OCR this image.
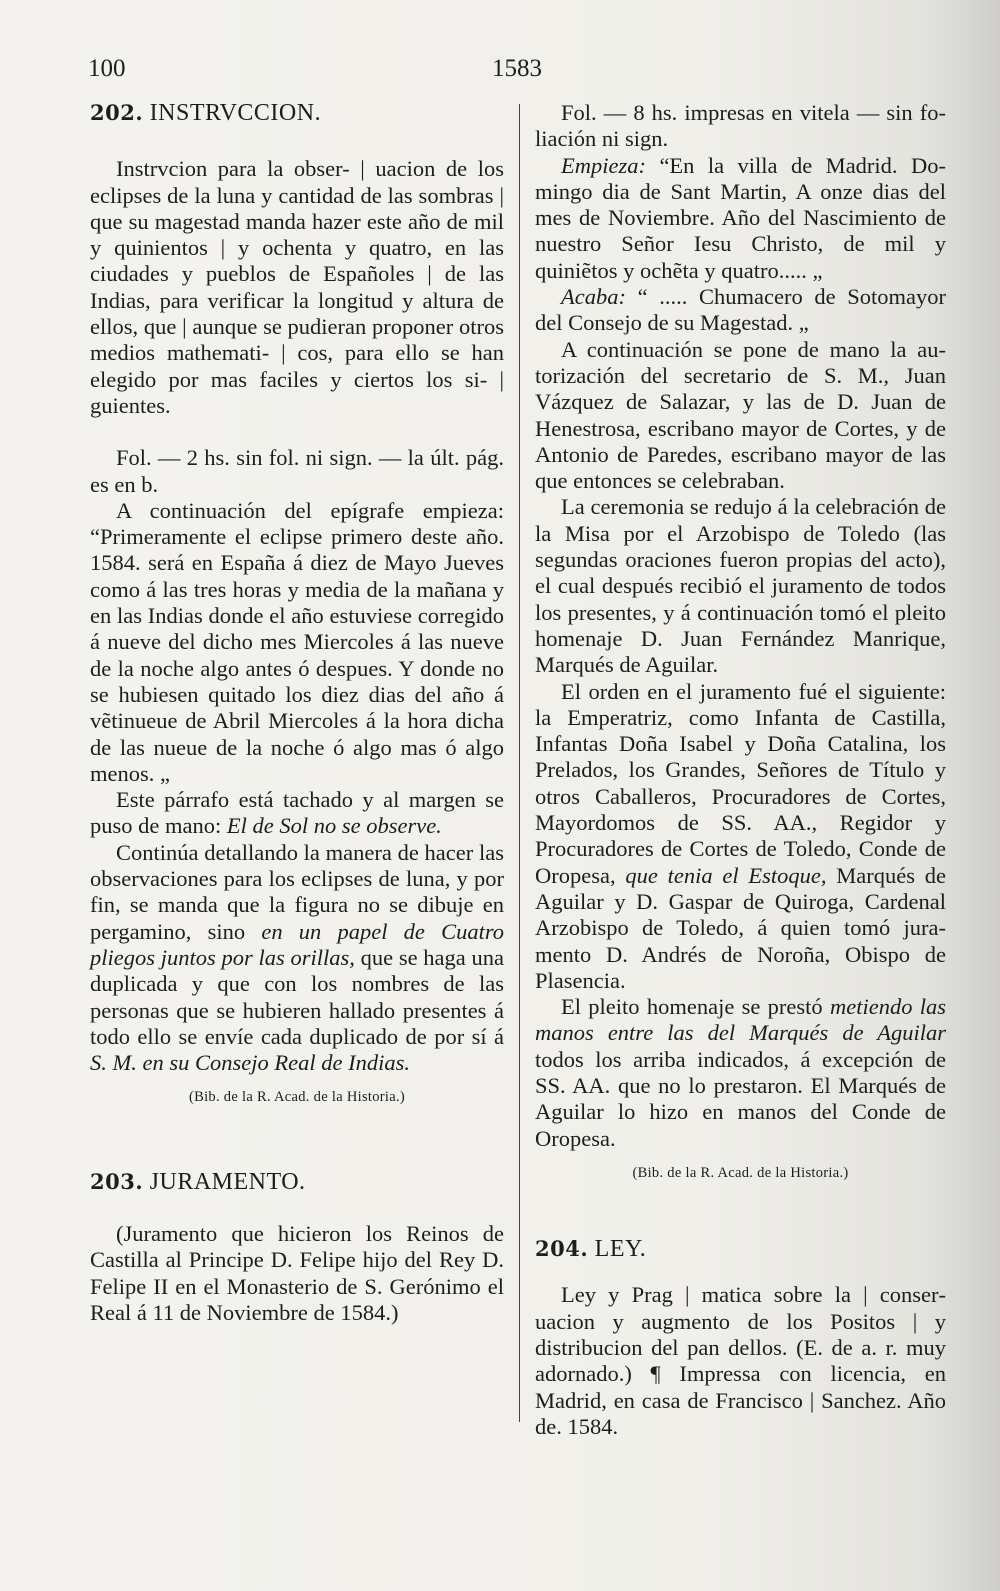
100	1583
202. INSTRVCCION.

Instrvcion para la obser- | uacion de los eclipses de la luna y cantidad de las sombras | que su magestad manda hazer este año de mil y quinientos | y ochenta y quatro, en las ciudades y pueblos de Españoles | de las Indias, para verificar la longitud y altura de ellos, que | aunque se pudieran proponer otros medios mathemati- | cos, para ello se han elegido por mas faciles y ciertos los si- | guientes.

Fol. — 2 hs. sin fol. ni sign. — la últ. pág. es en b.

A continuación del epígrafe empieza: “Primeramente el eclipse primero deste año. 1584. será en España á diez de Mayo Jueves como á las tres horas y media de la mañana y en las Indias donde el año estuviese corregido á nueve del dicho mes Miercoles á las nueve de la noche algo antes ó despues. Y donde no se hubiesen quitado los diez dias del año á vẽtinueue de Abril Miercoles á la hora dicha de las nueue de la noche ó algo mas ó algo menos. „

Este párrafo está tachado y al margen se puso de mano: El de Sol no se observe.

Continúa detallando la manera de hacer las observaciones para los eclipses de luna, y por fin, se manda que la figura no se dibuje en pergamino, sino en un papel de Cuatro pliegos juntos por las orillas, que se haga una duplicada y que con los nombres de las personas que se hubieren hallado presentes á todo ello se envíe cada duplicado de por sí á S. M. en su Consejo Real de Indias.

(Bib. de la R. Acad. de la Historia.)
203. JURAMENTO.

(Juramento que hicieron los Reinos de Castilla al Principe D. Felipe hijo del Rey D. Felipe II en el Monasterio de S. Gerónimo el Real á 11 de Noviembre de 1584.)

Fol. — 8 hs. impresas en vitela — sin foliación ni sign.

Empieza: “En la villa de Madrid. Domingo dia de Sant Martin, A onze dias del mes de Noviembre. Año del Nascimiento de nuestro Señor Iesu Christo, de mil y quiniẽtos y ochẽta y quatro..... „

Acaba: “ ..... Chumacero de Sotomayor del Consejo de su Magestad. „

A continuación se pone de mano la autorización del secretario de S. M., Juan Vázquez de Salazar, y las de D. Juan de Henestrosa, escribano mayor de Cortes, y de Antonio de Paredes, escribano mayor de las que entonces se celebraban.

La ceremonia se redujo á la celebración de la Misa por el Arzobispo de Toledo (las segundas oraciones fueron propias del acto), el cual después recibió el juramento de todos los presentes, y á continuación tomó el pleito homenaje D. Juan Fernández Manrique, Marqués de Aguilar.

El orden en el juramento fué el siguiente: la Emperatriz, como Infanta de Castilla, Infantas Doña Isabel y Doña Catalina, los Prelados, los Grandes, Señores de Título y otros Caballeros, Procuradores de Cortes, Mayordomos de SS. AA., Regidor y Procuradores de Cortes de Toledo, Conde de Oropesa, que tenia el Estoque, Marqués de Aguilar y D. Gaspar de Quiroga, Cardenal Arzobispo de Toledo, á quien tomó juramento D. Andrés de Noroña, Obispo de Plasencia.

El pleito homenaje se prestó metiendo las manos entre las del Marqués de Aguilar todos los arriba indicados, á excepción de SS. AA. que no lo prestaron. El Marqués de Aguilar lo hizo en manos del Conde de Oropesa.

(Bib. de la R. Acad. de la Historia.)
204. LEY.

Ley y Prag | matica sobre la | conseruacion y augmento de los Positos | y distribucion del pan dellos. (E. de a. r. muy adornado.) ¶ Impressa con licencia, en Madrid, en casa de Francisco | Sanchez. Año de. 1584.
